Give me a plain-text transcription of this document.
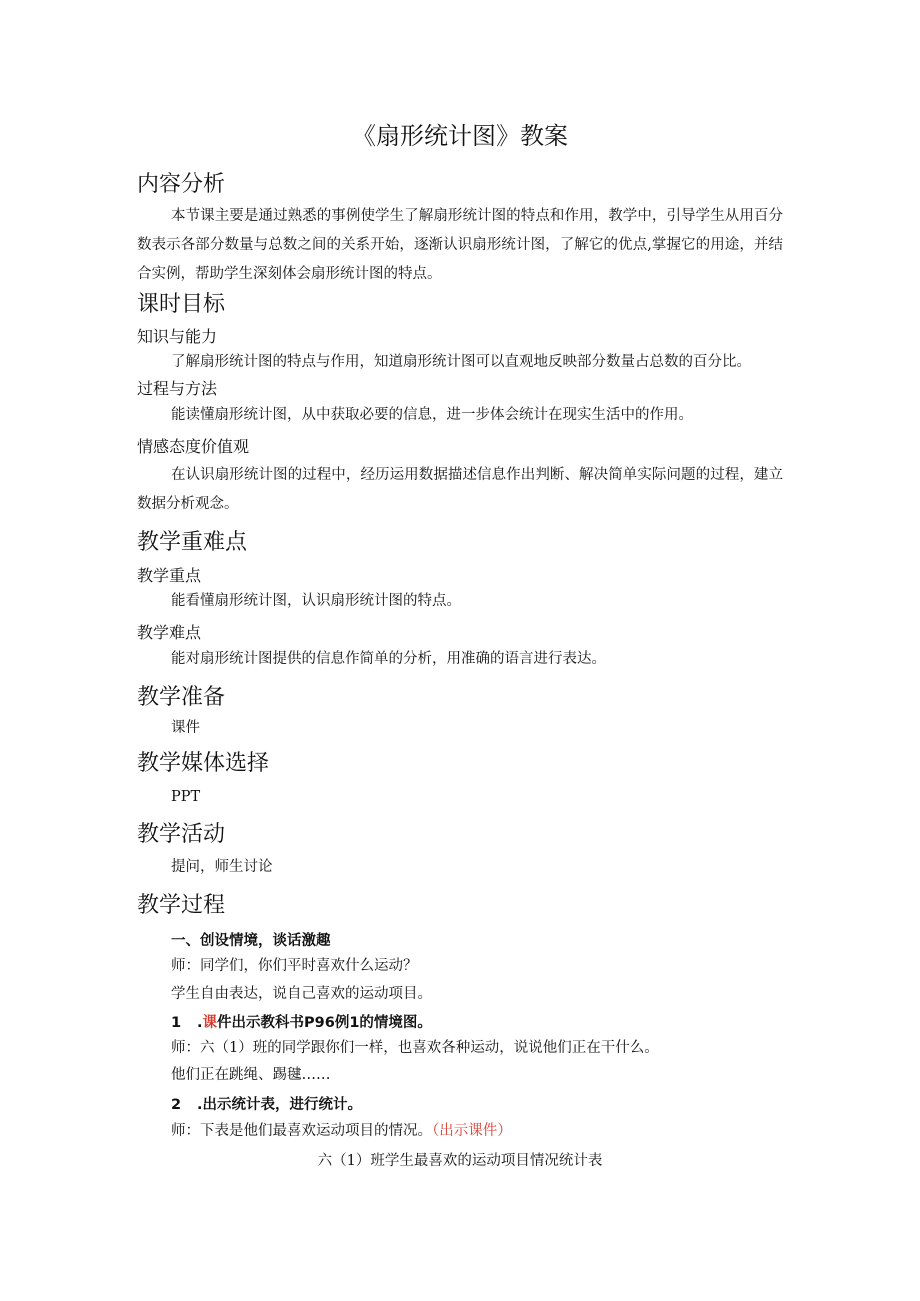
《扇形统计图》教案
内容分析
本节课主要是通过熟悉的事例使学生了解扇形统计图的特点和作用，教学中，引导学生从用百分数表示各部分数量与总数之间的关系开始，逐渐认识扇形统计图，了解它的优点,掌握它的用途，并结合实例，帮助学生深刻体会扇形统计图的特点。
课时目标
知识与能力
了解扇形统计图的特点与作用，知道扇形统计图可以直观地反映部分数量占总数的百分比。
过程与方法
能读懂扇形统计图，从中获取必要的信息，进一步体会统计在现实生活中的作用。
情感态度价值观
在认识扇形统计图的过程中，经历运用数据描述信息作出判断、解决简单实际问题的过程，建立数据分析观念。
教学重难点
教学重点
能看懂扇形统计图，认识扇形统计图的特点。
教学难点
能对扇形统计图提供的信息作简单的分析，用准确的语言进行表达。
教学准备
课件
教学媒体选择
PPT
教学活动
提问，师生讨论
教学过程
一、创设情境，谈话激趣
师：同学们，你们平时喜欢什么运动？
学生自由表达，说自己喜欢的运动项目。
1 .课件出示教科书P96例1的情境图。
师：六（1）班的同学跟你们一样，也喜欢各种运动，说说他们正在干什么。
他们正在跳绳、踢毽……
2 .出示统计表，进行统计。
师：下表是他们最喜欢运动项目的情况。（出示课件）
六（1）班学生最喜欢的运动项目情况统计表
